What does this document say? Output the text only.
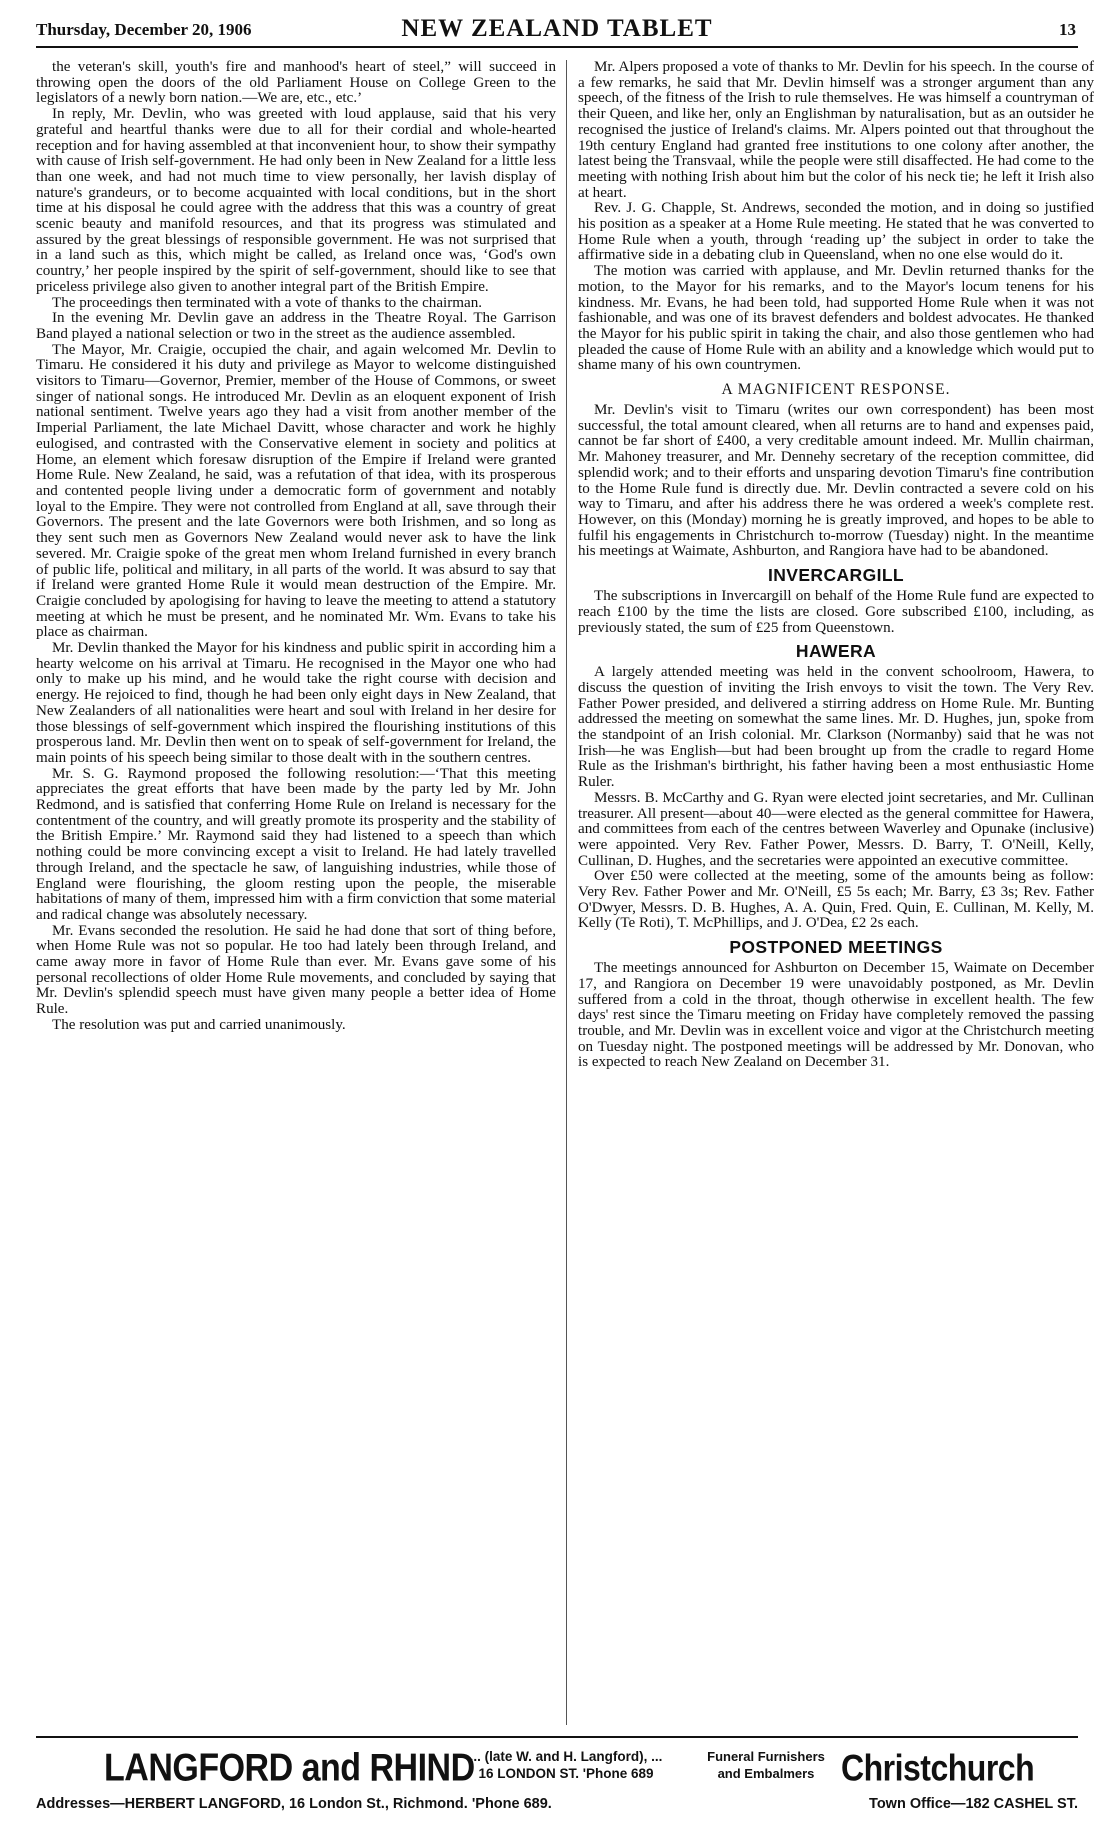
Thursday, December 20, 1906	NEW ZEALAND TABLET	13

the veteran's skill, youth's fire and manhood's heart of steel,” will succeed in throwing open the doors of the old Parliament House on College Green to the legislators of a newly born nation.—We are, etc., etc.’

In reply, Mr. Devlin, who was greeted with loud applause, said that his very grateful and heartful thanks were due to all for their cordial and whole-hearted reception and for having assembled at that inconvenient hour, to show their sympathy with cause of Irish self-government. He had only been in New Zealand for a little less than one week, and had not much time to view personally, her lavish display of nature's grandeurs, or to become acquainted with local conditions, but in the short time at his disposal he could agree with the address that this was a country of great scenic beauty and manifold resources, and that its progress was stimulated and assured by the great blessings of responsible government. He was not surprised that in a land such as this, which might be called, as Ireland once was, ‘God's own country,’ her people inspired by the spirit of self-government, should like to see that priceless privilege also given to another integral part of the British Empire.

The proceedings then terminated with a vote of thanks to the chairman.

In the evening Mr. Devlin gave an address in the Theatre Royal. The Garrison Band played a national selection or two in the street as the audience assembled.

The Mayor, Mr. Craigie, occupied the chair, and again welcomed Mr. Devlin to Timaru. He considered it his duty and privilege as Mayor to welcome distinguished visitors to Timaru—Governor, Premier, member of the House of Commons, or sweet singer of national songs. He introduced Mr. Devlin as an eloquent exponent of Irish national sentiment. Twelve years ago they had a visit from another member of the Imperial Parliament, the late Michael Davitt, whose character and work he highly eulogised, and contrasted with the Conservative element in society and politics at Home, an element which foresaw disruption of the Empire if Ireland were granted Home Rule. New Zealand, he said, was a refutation of that idea, with its prosperous and contented people living under a democratic form of government and notably loyal to the Empire. They were not controlled from England at all, save through their Governors. The present and the late Governors were both Irishmen, and so long as they sent such men as Governors New Zealand would never ask to have the link severed. Mr. Craigie spoke of the great men whom Ireland furnished in every branch of public life, political and military, in all parts of the world. It was absurd to say that if Ireland were granted Home Rule it would mean destruction of the Empire. Mr. Craigie concluded by apologising for having to leave the meeting to attend a statutory meeting at which he must be present, and he nominated Mr. Wm. Evans to take his place as chairman.

Mr. Devlin thanked the Mayor for his kindness and public spirit in according him a hearty welcome on his arrival at Timaru. He recognised in the Mayor one who had only to make up his mind, and he would take the right course with decision and energy. He rejoiced to find, though he had been only eight days in New Zealand, that New Zealanders of all nationalities were heart and soul with Ireland in her desire for those blessings of self-government which inspired the flourishing institutions of this prosperous land. Mr. Devlin then went on to speak of self-government for Ireland, the main points of his speech being similar to those dealt with in the southern centres.

Mr. S. G. Raymond proposed the following resolution:—‘That this meeting appreciates the great efforts that have been made by the party led by Mr. John Redmond, and is satisfied that conferring Home Rule on Ireland is necessary for the contentment of the country, and will greatly promote its prosperity and the stability of the British Empire.’ Mr. Raymond said they had listened to a speech than which nothing could be more convincing except a visit to Ireland. He had lately travelled through Ireland, and the spectacle he saw, of languishing industries, while those of England were flourishing, the gloom resting upon the people, the miserable habitations of many of them, impressed him with a firm conviction that some material and radical change was absolutely necessary.

Mr. Evans seconded the resolution. He said he had done that sort of thing before, when Home Rule was not so popular. He too had lately been through Ireland, and came away more in favor of Home Rule than ever. Mr. Evans gave some of his personal recollections of older Home Rule movements, and concluded by saying that Mr. Devlin's splendid speech must have given many people a better idea of Home Rule.

The resolution was put and carried unanimously.

Mr. Alpers proposed a vote of thanks to Mr. Devlin for his speech. In the course of a few remarks, he said that Mr. Devlin himself was a stronger argument than any speech, of the fitness of the Irish to rule themselves. He was himself a countryman of their Queen, and like her, only an Englishman by naturalisation, but as an outsider he recognised the justice of Ireland's claims. Mr. Alpers pointed out that throughout the 19th century England had granted free institutions to one colony after another, the latest being the Transvaal, while the people were still disaffected. He had come to the meeting with nothing Irish about him but the color of his neck tie; he left it Irish also at heart.

Rev. J. G. Chapple, St. Andrews, seconded the motion, and in doing so justified his position as a speaker at a Home Rule meeting. He stated that he was converted to Home Rule when a youth, through ‘reading up’ the subject in order to take the affirmative side in a debating club in Queensland, when no one else would do it.

The motion was carried with applause, and Mr. Devlin returned thanks for the motion, to the Mayor for his remarks, and to the Mayor's locum tenens for his kindness. Mr. Evans, he had been told, had supported Home Rule when it was not fashionable, and was one of its bravest defenders and boldest advocates. He thanked the Mayor for his public spirit in taking the chair, and also those gentlemen who had pleaded the cause of Home Rule with an ability and a knowledge which would put to shame many of his own countrymen.

A MAGNIFICENT RESPONSE.

Mr. Devlin's visit to Timaru (writes our own correspondent) has been most successful, the total amount cleared, when all returns are to hand and expenses paid, cannot be far short of £400, a very creditable amount indeed. Mr. Mullin chairman, Mr. Mahoney treasurer, and Mr. Dennehy secretary of the reception committee, did splendid work; and to their efforts and unsparing devotion Timaru's fine contribution to the Home Rule fund is directly due. Mr. Devlin contracted a severe cold on his way to Timaru, and after his address there he was ordered a week's complete rest. However, on this (Monday) morning he is greatly improved, and hopes to be able to fulfil his engagements in Christchurch to-morrow (Tuesday) night. In the meantime his meetings at Waimate, Ashburton, and Rangiora have had to be abandoned.

INVERCARGILL

The subscriptions in Invercargill on behalf of the Home Rule fund are expected to reach £100 by the time the lists are closed. Gore subscribed £100, including, as previously stated, the sum of £25 from Queenstown.

HAWERA

A largely attended meeting was held in the convent schoolroom, Hawera, to discuss the question of inviting the Irish envoys to visit the town. The Very Rev. Father Power presided, and delivered a stirring address on Home Rule. Mr. Bunting addressed the meeting on somewhat the same lines. Mr. D. Hughes, jun, spoke from the standpoint of an Irish colonial. Mr. Clarkson (Normanby) said that he was not Irish—he was English—but had been brought up from the cradle to regard Home Rule as the Irishman's birthright, his father having been a most enthusiastic Home Ruler.

Messrs. B. McCarthy and G. Ryan were elected joint secretaries, and Mr. Cullinan treasurer. All present—about 40—were elected as the general committee for Hawera, and committees from each of the centres between Waverley and Opunake (inclusive) were appointed. Very Rev. Father Power, Messrs. D. Barry, T. O'Neill, Kelly, Cullinan, D. Hughes, and the secretaries were appointed an executive committee.

Over £50 were collected at the meeting, some of the amounts being as follow: Very Rev. Father Power and Mr. O'Neill, £5 5s each; Mr. Barry, £3 3s; Rev. Father O'Dwyer, Messrs. D. B. Hughes, A. A. Quin, Fred. Quin, E. Cullinan, M. Kelly, M. Kelly (Te Roti), T. McPhillips, and J. O'Dea, £2 2s each.

POSTPONED MEETINGS

The meetings announced for Ashburton on December 15, Waimate on December 17, and Rangiora on December 19 were unavoidably postponed, as Mr. Devlin suffered from a cold in the throat, though otherwise in excellent health. The few days' rest since the Timaru meeting on Friday have completely removed the passing trouble, and Mr. Devlin was in excellent voice and vigor at the Christchurch meeting on Tuesday night. The postponed meetings will be addressed by Mr. Donovan, who is expected to reach New Zealand on December 31.

LANGFORD and RHIND
... (late W. and H. Langford), ...
16 LONDON ST. 'Phone 689
Funeral Furnishers
and Embalmers Christchurch
Addresses—HERBERT LANGFORD, 16 London St., Richmond. 'Phone 689.	Town Office—182 CASHEL ST.
